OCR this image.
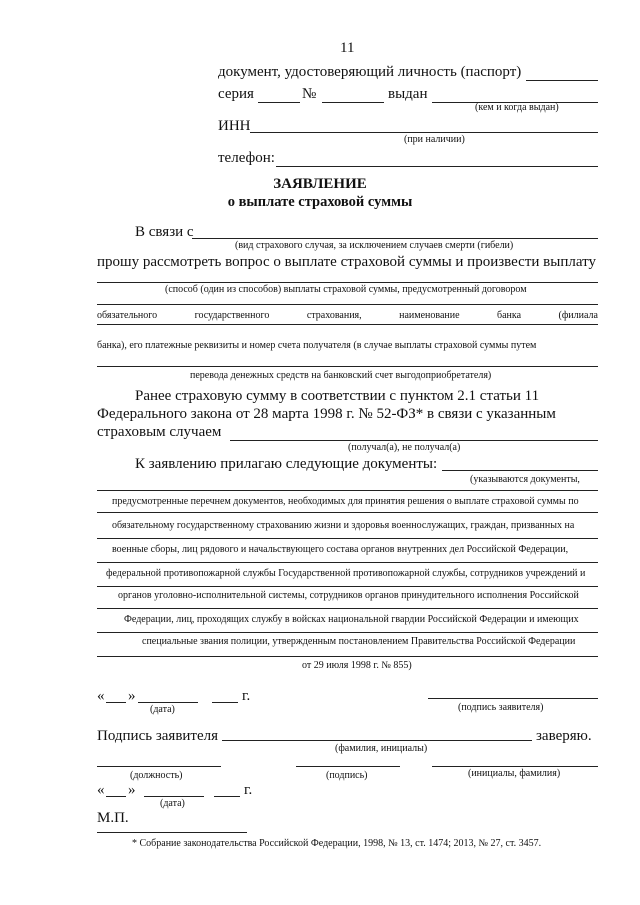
11
документ, удостоверяющий личность (паспорт)
серия	№	выдан
(кем и когда выдан)
ИНН
(при наличии)
телефон:
ЗАЯВЛЕНИЕ
о выплате страховой суммы
В связи с
(вид страхового случая, за исключением случаев смерти (гибели)
прошу рассмотреть вопрос о выплате страховой суммы и произвести выплату
(способ (один из способов) выплаты страховой суммы, предусмотренный договором
обязательного	государственного	страхования,	наименование	банка	(филиала
банка), его платежные реквизиты и номер счета получателя (в случае выплаты страховой суммы путем
перевода денежных средств на банковский счет выгодоприобретателя)
Ранее страховую сумму в соответствии с пунктом 2.1 статьи 11
Федерального закона от 28 марта 1998 г. № 52-ФЗ* в связи с указанным
страховым случаем
(получал(а), не получал(а)
К заявлению прилагаю следующие документы:
(указываются документы,
предусмотренные перечнем документов, необходимых для принятия решения о выплате страховой суммы по
обязательному государственному страхованию жизни и здоровья военнослужащих, граждан, призванных на
военные сборы, лиц рядового и начальствующего состава органов внутренних дел Российской Федерации,
федеральной противопожарной службы Государственной противопожарной службы, сотрудников учреждений и
органов уголовно-исполнительной системы, сотрудников органов принудительного исполнения Российской
Федерации, лиц, проходящих службу в войсках национальной гвардии Российской Федерации и имеющих
специальные звания полиции, утвержденным постановлением Правительства Российской Федерации
от 29 июля 1998 г. № 855)
« »	г.
(дата)	(подпись заявителя)
Подпись заявителя	заверяю.
(фамилия, инициалы)
(должность)	(подпись)	(инициалы, фамилия)
« »	г.
(дата)
М.П.
* Собрание законодательства Российской Федерации, 1998, № 13, ст. 1474; 2013, № 27, ст. 3457.
